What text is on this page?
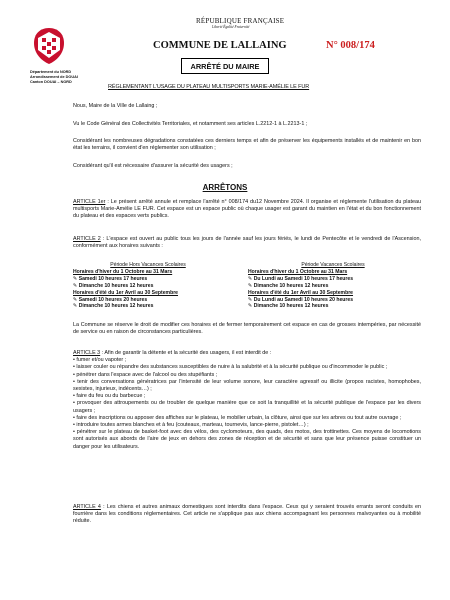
RÉPUBLIQUE FRANÇAISE
Liberté Égalité Fraternité
Département du NORD
Arrondissement de DOUAI
Canton DOUAI – NORD
COMMUNE DE LALLAING	N° 008/174
ARRÊTÉ DU MAIRE
RÉGLEMENTANT L'USAGE DU PLATEAU MULTISPORTS MARIE-AMÉLIE LE FUR
Nous, Maire de la Ville de Lallaing ;
Vu le Code Général des Collectivités Territoriales, et notamment ses articles L.2212-1 à L.2213-1 ;
Considérant les nombreuses dégradations constatées ces derniers temps et afin de préserver les équipements installés et de maintenir en bon état les terrains, il convient d'en réglementer son utilisation ;
Considérant qu'il est nécessaire d'assurer la sécurité des usagers ;
ARRÊTONS
ARTICLE 1er : Le présent arrêté annule et remplace l'arrêté n° 008/174 du12 Novembre 2024. Il organise et réglemente l'utilisation du plateau multisports Marie-Amélie LE FUR. Cet espace est un espace public où chaque usager est garant du maintien en l'état et du bon fonctionnement du plateau et des espaces verts publics.
ARTICLE 2 : L'espace est ouvert au public tous les jours de l'année sauf les jours fériés, le lundi de Pentecôte et le vendredi de l'Ascension, conformément aux horaires suivants :
Période Hors Vacances Scolaires
Horaires d'hiver du 1 Octobre au 31 Mars
✎ Samedi 10 heures 17 heures
✎ Dimanche 10 heures 12 heures
Horaires d'été du 1er Avril au 30 Septembre
✎ Samedi 10 heures 20 heures
✎ Dimanche 10 heures 12 heures
Période Vacances Scolaires
Horaires d'hiver du 1 Octobre au 31 Mars
✎ Du Lundi au Samedi 10 heures 17 heures
✎ Dimanche 10 heures 12 heures
Horaires d'été du 1er Avril au 30 Septembre
✎ Du Lundi au Samedi 10 heures 20 heures
✎ Dimanche 10 heures 12 heures
La Commune se réserve le droit de modifier ces horaires et de fermer temporairement cet espace en cas de grosses intempéries, par nécessité de service ou en raison de circonstances particulières.
ARTICLE 3 : Afin de garantir la détente et la sécurité des usagers, il est interdit de :
• fumer et/ou vapoter ;
• laisser couler ou répandre des substances susceptibles de nuire à la salubrité et à la sécurité publique ou d'incommoder le public ;
• pénétrer dans l'espace avec de l'alcool ou des stupéfiants ;
• tenir des conversations génératrices par l'intensité de leur volume sonore, leur caractère agressif ou illicite (propos racistes, homophobes, sexistes, injurieux, indécents…) ;
• faire du feu ou du barbecue ;
• provoquer des attroupements ou de troubler de quelque manière que ce soit la tranquillité et la sécurité publique de l'espace par les divers usagers ;
• faire des inscriptions ou apposer des affiches sur le plateau, le mobilier urbain, la clôture, ainsi que sur les arbres ou tout autre ouvrage ;
• introduire toutes armes blanches et à feu (couteaux, marteau, tournevis, lance-pierre, pistolet…) ;
• pénétrer sur le plateau de basket-foot avec des vélos, des cyclomoteurs, des quads, des motos, des trottinettes. Ces moyens de locomotions sont autorisés aux abords de l'aire de jeux en dehors des zones de réception et de sécurité et sans que leur présence puisse constituer un danger pour les utilisateurs.
ARTICLE 4 : Les chiens et autres animaux domestiques sont interdits dans l'espace. Ceux qui y seraient trouvés errants seront conduits en fourrière dans les conditions réglementaires. Cet article ne s'applique pas aux chiens accompagnant les personnes malvoyantes ou à mobilité réduite.
